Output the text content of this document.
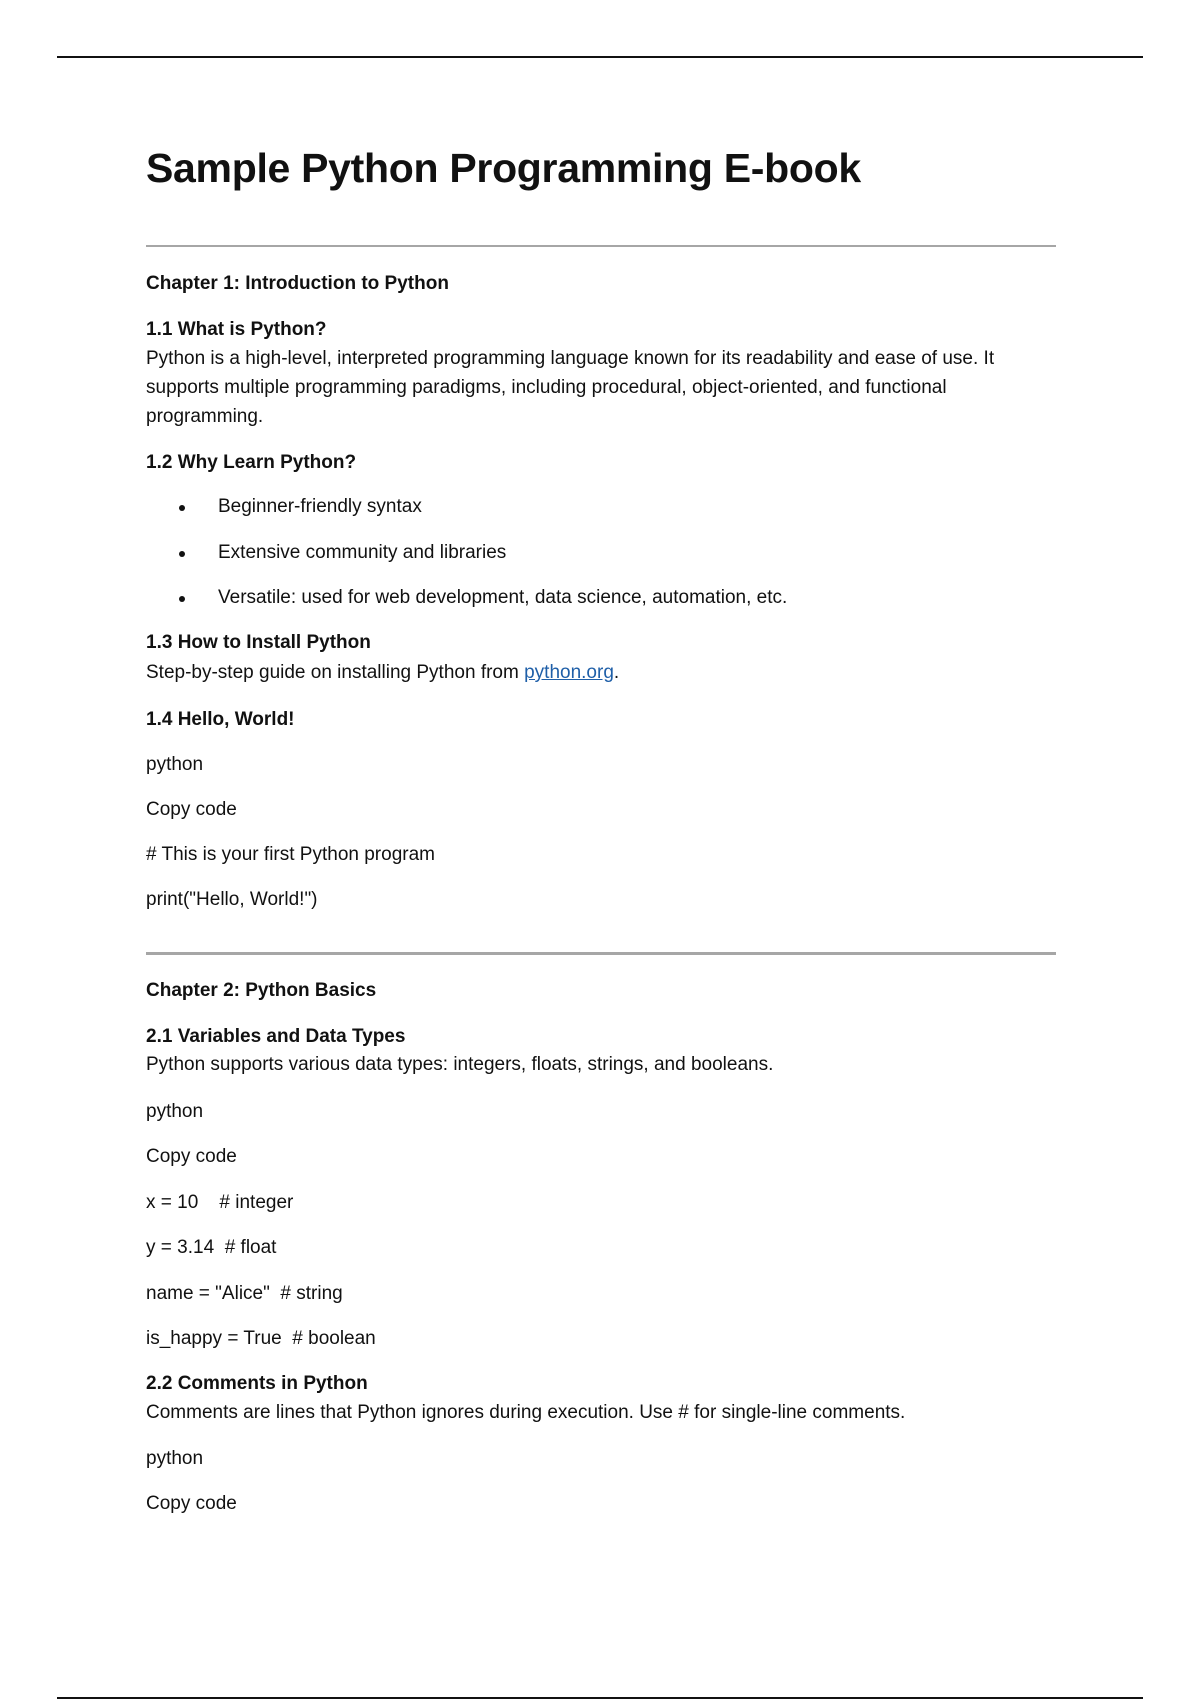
Sample Python Programming E-book
Chapter 1: Introduction to Python
1.1 What is Python?

Python is a high-level, interpreted programming language known for its readability and ease of use. It supports multiple programming paradigms, including procedural, object-oriented, and functional programming.

1.2 Why Learn Python?
Beginner-friendly syntax
Extensive community and libraries
Versatile: used for web development, data science, automation, etc.
1.3 How to Install Python
Step-by-step guide on installing Python from python.org.
1.4 Hello, World!
python
Copy code
# This is your first Python program
print("Hello, World!")
Chapter 2: Python Basics
2.1 Variables and Data Types
Python supports various data types: integers, floats, strings, and booleans.
python
Copy code
x = 10    # integer
y = 3.14  # float
name = "Alice"  # string
is_happy = True  # boolean
2.2 Comments in Python
Comments are lines that Python ignores during execution. Use # for single-line comments.
python
Copy code
